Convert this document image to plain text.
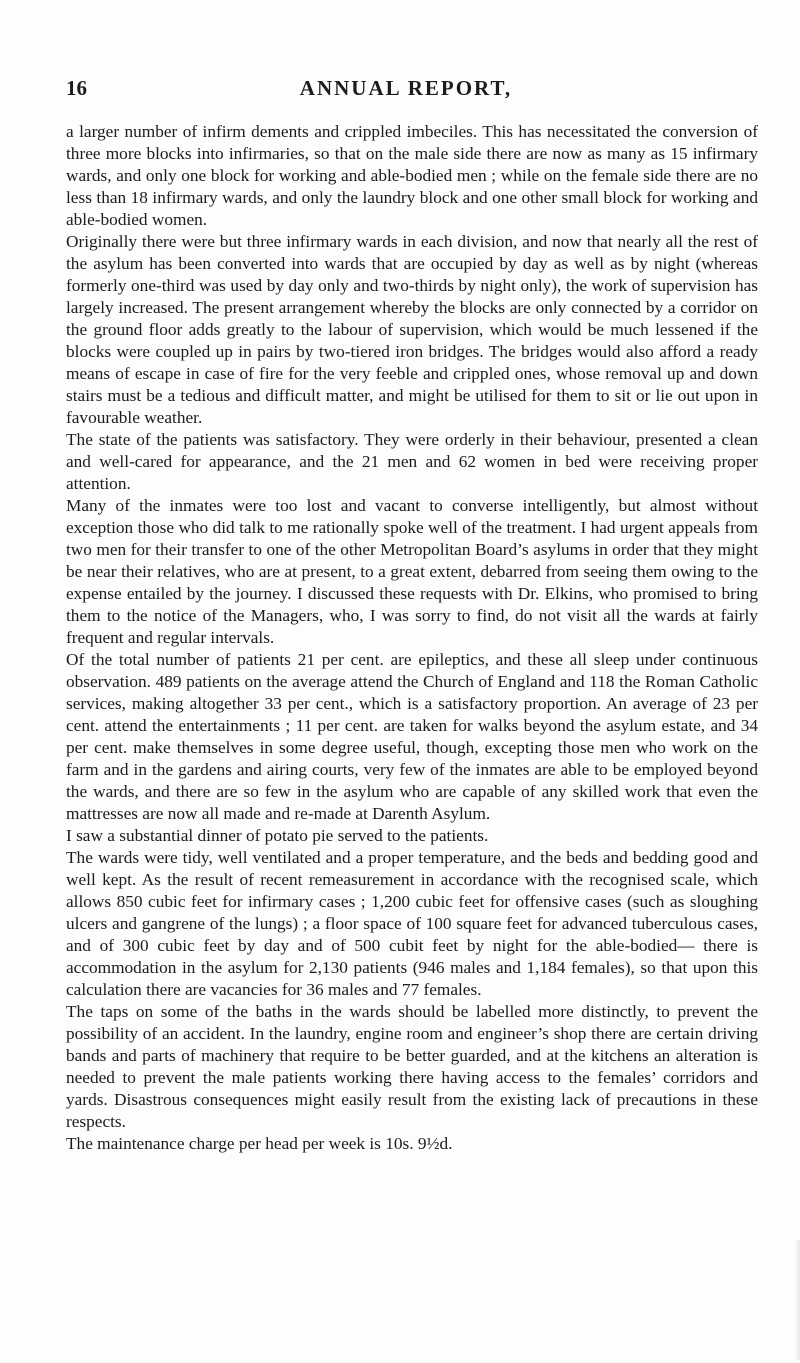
16	ANNUAL REPORT,

a larger number of infirm dements and crippled imbeciles. This has necessitated the conversion of three more blocks into infirmaries, so that on the male side there are now as many as 15 infirmary wards, and only one block for working and able-bodied men ; while on the female side there are no less than 18 infirmary wards, and only the laundry block and one other small block for working and able-bodied women.

Originally there were but three infirmary wards in each division, and now that nearly all the rest of the asylum has been converted into wards that are occupied by day as well as by night (whereas formerly one-third was used by day only and two-thirds by night only), the work of supervision has largely increased. The present arrangement whereby the blocks are only connected by a corridor on the ground floor adds greatly to the labour of supervision, which would be much lessened if the blocks were coupled up in pairs by two-tiered iron bridges. The bridges would also afford a ready means of escape in case of fire for the very feeble and crippled ones, whose removal up and down stairs must be a tedious and difficult matter, and might be utilised for them to sit or lie out upon in favourable weather.

The state of the patients was satisfactory. They were orderly in their behaviour, presented a clean and well-cared for appearance, and the 21 men and 62 women in bed were receiving proper attention.

Many of the inmates were too lost and vacant to converse intelligently, but almost without exception those who did talk to me rationally spoke well of the treatment. I had urgent appeals from two men for their transfer to one of the other Metropolitan Board’s asylums in order that they might be near their relatives, who are at present, to a great extent, debarred from seeing them owing to the expense entailed by the journey. I discussed these requests with Dr. Elkins, who promised to bring them to the notice of the Managers, who, I was sorry to find, do not visit all the wards at fairly frequent and regular intervals.

Of the total number of patients 21 per cent. are epileptics, and these all sleep under continuous observation. 489 patients on the average attend the Church of England and 118 the Roman Catholic services, making altogether 33 per cent., which is a satisfactory proportion. An average of 23 per cent. attend the entertainments ; 11 per cent. are taken for walks beyond the asylum estate, and 34 per cent. make themselves in some degree useful, though, excepting those men who work on the farm and in the gardens and airing courts, very few of the inmates are able to be employed beyond the wards, and there are so few in the asylum who are capable of any skilled work that even the mattresses are now all made and re-made at Darenth Asylum.

I saw a substantial dinner of potato pie served to the patients.

The wards were tidy, well ventilated and a proper temperature, and the beds and bedding good and well kept. As the result of recent remeasurement in accordance with the recognised scale, which allows 850 cubic feet for infirmary cases ; 1,200 cubic feet for offensive cases (such as sloughing ulcers and gangrene of the lungs) ; a floor space of 100 square feet for advanced tuberculous cases, and of 300 cubic feet by day and of 500 cubit feet by night for the able-bodied— there is accommodation in the asylum for 2,130 patients (946 males and 1,184 females), so that upon this calculation there are vacancies for 36 males and 77 females.

The taps on some of the baths in the wards should be labelled more distinctly, to prevent the possibility of an accident. In the laundry, engine room and engineer’s shop there are certain driving bands and parts of machinery that require to be better guarded, and at the kitchens an alteration is needed to prevent the male patients working there having access to the females’ corridors and yards. Disastrous consequences might easily result from the existing lack of precautions in these respects.

The maintenance charge per head per week is 10s. 9½d.
